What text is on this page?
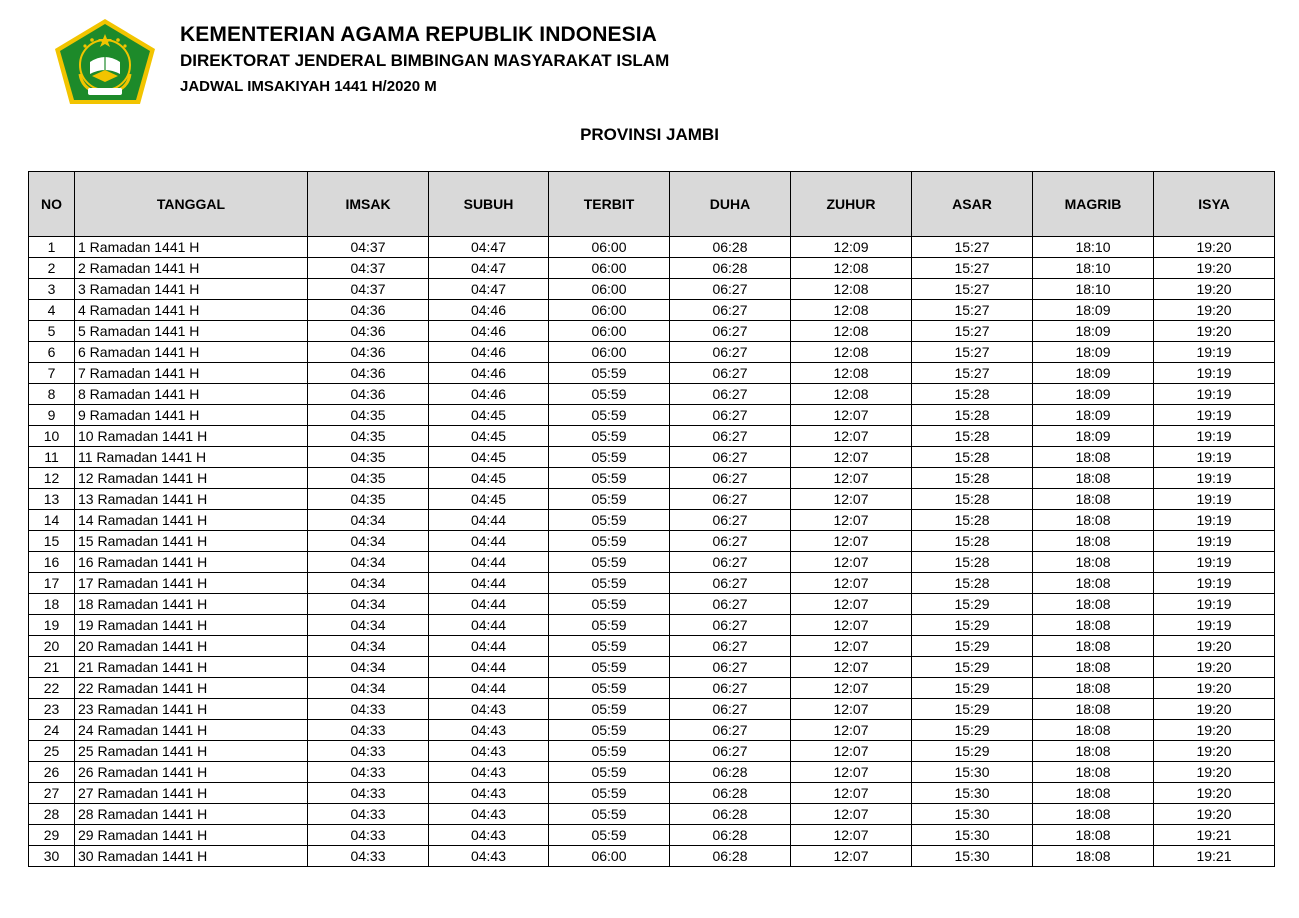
KEMENTERIAN AGAMA REPUBLIK INDONESIA
DIREKTORAT JENDERAL BIMBINGAN MASYARAKAT ISLAM
JADWAL IMSAKIYAH 1441 H/2020 M
PROVINSI JAMBI
NO	TANGGAL	IMSAK	SUBUH	TERBIT	DUHA	ZUHUR	ASAR	MAGRIB	ISYA
1	1 Ramadan 1441 H	04:37	04:47	06:00	06:28	12:09	15:27	18:10	19:20
2	2 Ramadan 1441 H	04:37	04:47	06:00	06:28	12:08	15:27	18:10	19:20
3	3 Ramadan 1441 H	04:37	04:47	06:00	06:27	12:08	15:27	18:10	19:20
4	4 Ramadan 1441 H	04:36	04:46	06:00	06:27	12:08	15:27	18:09	19:20
5	5 Ramadan 1441 H	04:36	04:46	06:00	06:27	12:08	15:27	18:09	19:20
6	6 Ramadan 1441 H	04:36	04:46	06:00	06:27	12:08	15:27	18:09	19:19
7	7 Ramadan 1441 H	04:36	04:46	05:59	06:27	12:08	15:27	18:09	19:19
8	8 Ramadan 1441 H	04:36	04:46	05:59	06:27	12:08	15:28	18:09	19:19
9	9 Ramadan 1441 H	04:35	04:45	05:59	06:27	12:07	15:28	18:09	19:19
10	10 Ramadan 1441 H	04:35	04:45	05:59	06:27	12:07	15:28	18:09	19:19
11	11 Ramadan 1441 H	04:35	04:45	05:59	06:27	12:07	15:28	18:08	19:19
12	12 Ramadan 1441 H	04:35	04:45	05:59	06:27	12:07	15:28	18:08	19:19
13	13 Ramadan 1441 H	04:35	04:45	05:59	06:27	12:07	15:28	18:08	19:19
14	14 Ramadan 1441 H	04:34	04:44	05:59	06:27	12:07	15:28	18:08	19:19
15	15 Ramadan 1441 H	04:34	04:44	05:59	06:27	12:07	15:28	18:08	19:19
16	16 Ramadan 1441 H	04:34	04:44	05:59	06:27	12:07	15:28	18:08	19:19
17	17 Ramadan 1441 H	04:34	04:44	05:59	06:27	12:07	15:28	18:08	19:19
18	18 Ramadan 1441 H	04:34	04:44	05:59	06:27	12:07	15:29	18:08	19:19
19	19 Ramadan 1441 H	04:34	04:44	05:59	06:27	12:07	15:29	18:08	19:19
20	20 Ramadan 1441 H	04:34	04:44	05:59	06:27	12:07	15:29	18:08	19:20
21	21 Ramadan 1441 H	04:34	04:44	05:59	06:27	12:07	15:29	18:08	19:20
22	22 Ramadan 1441 H	04:34	04:44	05:59	06:27	12:07	15:29	18:08	19:20
23	23 Ramadan 1441 H	04:33	04:43	05:59	06:27	12:07	15:29	18:08	19:20
24	24 Ramadan 1441 H	04:33	04:43	05:59	06:27	12:07	15:29	18:08	19:20
25	25 Ramadan 1441 H	04:33	04:43	05:59	06:27	12:07	15:29	18:08	19:20
26	26 Ramadan 1441 H	04:33	04:43	05:59	06:28	12:07	15:30	18:08	19:20
27	27 Ramadan 1441 H	04:33	04:43	05:59	06:28	12:07	15:30	18:08	19:20
28	28 Ramadan 1441 H	04:33	04:43	05:59	06:28	12:07	15:30	18:08	19:20
29	29 Ramadan 1441 H	04:33	04:43	05:59	06:28	12:07	15:30	18:08	19:21
30	30 Ramadan 1441 H	04:33	04:43	06:00	06:28	12:07	15:30	18:08	19:21
